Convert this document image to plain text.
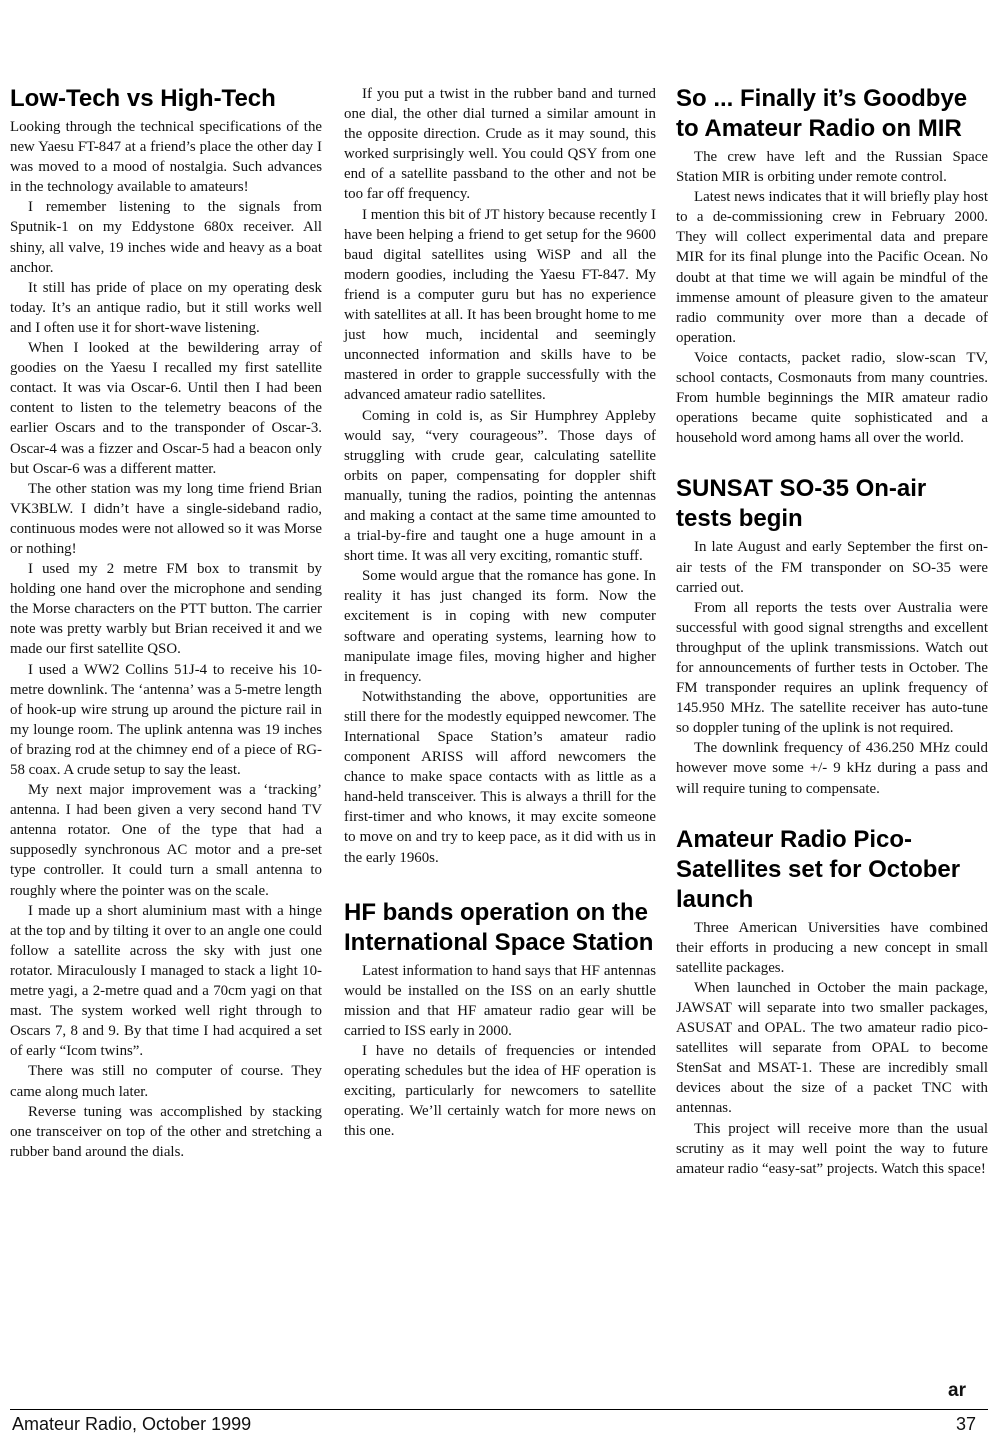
Low-Tech vs High-Tech

Looking through the technical specifications of the new Yaesu FT-847 at a friend’s place the other day I was moved to a mood of nostalgia. Such advances in the technology available to amateurs!

I remember listening to the signals from Sputnik-1 on my Eddystone 680x receiver. All shiny, all valve, 19 inches wide and heavy as a boat anchor.

It still has pride of place on my operating desk today. It’s an antique radio, but it still works well and I often use it for short-wave listening.

When I looked at the bewildering array of goodies on the Yaesu I recalled my first satellite contact. It was via Oscar-6. Until then I had been content to listen to the telemetry beacons of the earlier Oscars and to the transponder of Oscar-3. Oscar-4 was a fizzer and Oscar-5 had a beacon only but Oscar-6 was a different matter.

The other station was my long time friend Brian VK3BLW. I didn’t have a single-sideband radio, continuous modes were not allowed so it was Morse or nothing!

I used my 2 metre FM box to transmit by holding one hand over the microphone and sending the Morse characters on the PTT button. The carrier note was pretty warbly but Brian received it and we made our first satellite QSO.

I used a WW2 Collins 51J-4 to receive his 10-metre downlink. The ‘antenna’ was a 5-metre length of hook-up wire strung up around the picture rail in my lounge room. The uplink antenna was 19 inches of brazing rod at the chimney end of a piece of RG-58 coax. A crude setup to say the least.

My next major improvement was a ‘tracking’ antenna. I had been given a very second hand TV antenna rotator. One of the type that had a supposedly synchronous AC motor and a pre-set type controller. It could turn a small antenna to roughly where the pointer was on the scale.

I made up a short aluminium mast with a hinge at the top and by tilting it over to an angle one could follow a satellite across the sky with just one rotator. Miraculously I managed to stack a light 10-metre yagi, a 2-metre quad and a 70cm yagi on that mast. The system worked well right through to Oscars 7, 8 and 9. By that time I had acquired a set of early “Icom twins”.

There was still no computer of course. They came along much later.

Reverse tuning was accomplished by stacking one transceiver on top of the other and stretching a rubber band around the dials.

If you put a twist in the rubber band and turned one dial, the other dial turned a similar amount in the opposite direction. Crude as it may sound, this worked surprisingly well. You could QSY from one end of a satellite passband to the other and not be too far off frequency.

I mention this bit of JT history because recently I have been helping a friend to get setup for the 9600 baud digital satellites using WiSP and all the modern goodies, including the Yaesu FT-847. My friend is a computer guru but has no experience with satellites at all. It has been brought home to me just how much, incidental and seemingly unconnected information and skills have to be mastered in order to grapple successfully with the advanced amateur radio satellites.

Coming in cold is, as Sir Humphrey Appleby would say, “very courageous”. Those days of struggling with crude gear, calculating satellite orbits on paper, compensating for doppler shift manually, tuning the radios, pointing the antennas and making a contact at the same time amounted to a trial-by-fire and taught one a huge amount in a short time. It was all very exciting, romantic stuff.

Some would argue that the romance has gone. In reality it has just changed its form. Now the excitement is in coping with new computer software and operating systems, learning how to manipulate image files, moving higher and higher in frequency.

Notwithstanding the above, opportunities are still there for the modestly equipped newcomer. The International Space Station’s amateur radio component ARISS will afford newcomers the chance to make space contacts with as little as a hand-held transceiver. This is always a thrill for the first-timer and who knows, it may excite someone to move on and try to keep pace, as it did with us in the early 1960s.

HF bands operation on the International Space Station

Latest information to hand says that HF antennas would be installed on the ISS on an early shuttle mission and that HF amateur radio gear will be carried to ISS early in 2000.

I have no details of frequencies or intended operating schedules but the idea of HF operation is exciting, particularly for newcomers to satellite operating. We’ll certainly watch for more news on this one.

So ... Finally it’s Goodbye to Amateur Radio on MIR

The crew have left and the Russian Space Station MIR is orbiting under remote control.

Latest news indicates that it will briefly play host to a de-commissioning crew in February 2000. They will collect experimental data and prepare MIR for its final plunge into the Pacific Ocean. No doubt at that time we will again be mindful of the immense amount of pleasure given to the amateur radio community over more than a decade of operation.

Voice contacts, packet radio, slow-scan TV, school contacts, Cosmonauts from many countries. From humble beginnings the MIR amateur radio operations became quite sophisticated and a household word among hams all over the world.

SUNSAT SO-35 On-air tests begin

In late August and early September the first on-air tests of the FM transponder on SO-35 were carried out.

From all reports the tests over Australia were successful with good signal strengths and excellent throughput of the uplink transmissions. Watch out for announcements of further tests in October. The FM transponder requires an uplink frequency of 145.950 MHz. The satellite receiver has auto-tune so doppler tuning of the uplink is not required.

The downlink frequency of 436.250 MHz could however move some +/- 9 kHz during a pass and will require tuning to compensate.

Amateur Radio Pico-Satellites set for October launch

Three American Universities have combined their efforts in producing a new concept in small satellite packages.

When launched in October the main package, JAWSAT will separate into two smaller packages, ASUSAT and OPAL. The two amateur radio pico-satellites will separate from OPAL to become StenSat and MSAT-1. These are incredibly small devices about the size of a packet TNC with antennas.

This project will receive more than the usual scrutiny as it may well point the way to future amateur radio “easy-sat” projects. Watch this space!

ar
Amateur Radio, October 1999	37
